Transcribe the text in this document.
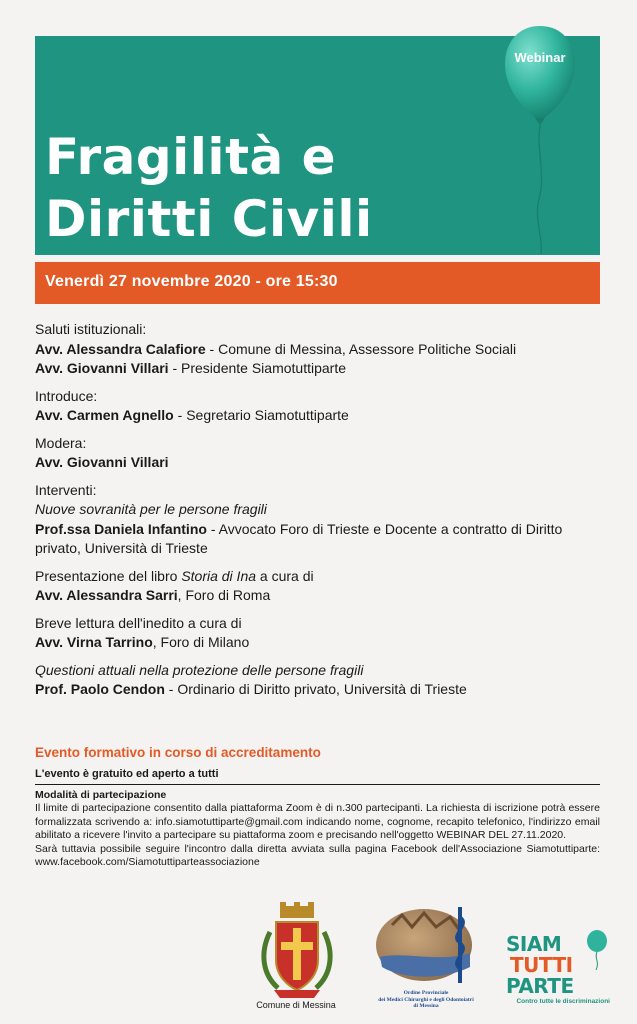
Fragilità e
Diritti Civili
Webinar
Venerdì 27 novembre 2020 - ore 15:30
Saluti istituzionali:
Avv. Alessandra Calafiore - Comune di Messina, Assessore Politiche Sociali
Avv. Giovanni Villari - Presidente Siamotuttiparte
Introduce:
Avv. Carmen Agnello - Segretario Siamotuttiparte
Modera:
Avv. Giovanni Villari
Interventi:
Nuove sovranità per le persone fragili
Prof.ssa Daniela Infantino - Avvocato Foro di Trieste e Docente a contratto di Diritto privato, Università di Trieste
Presentazione del libro Storia di Ina a cura di
Avv. Alessandra Sarri, Foro di Roma
Breve lettura dell'inedito a cura di
Avv. Virna Tarrino, Foro di Milano
Questioni attuali nella protezione delle persone fragili
Prof. Paolo Cendon - Ordinario di Diritto privato, Università di Trieste
Evento formativo in corso di accreditamento
L'evento è gratuito ed aperto a tutti
Modalità di partecipazione
Il limite di partecipazione consentito dalla piattaforma Zoom è di n.300 partecipanti. La richiesta di iscrizione potrà essere formalizzata scrivendo a: info.siamotuttiparte@gmail.com indicando nome, cognome, recapito telefonico, l'indirizzo email abilitato a ricevere l'invito a partecipare su piattaforma zoom e precisando nell'oggetto WEBINAR DEL 27.11.2020.
Sarà tuttavia possibile seguire l'incontro dalla diretta avviata sulla pagina Facebook dell'Associazione Siamotuttiparte: www.facebook.com/Siamotuttiparteassociazione
Comune di Messina
Ordine Provinciale
dei Medici Chirurghi e degli Odontoiatri
di Messina
SIAM
TUTTI
PARTE
Contro tutte le discriminazioni
